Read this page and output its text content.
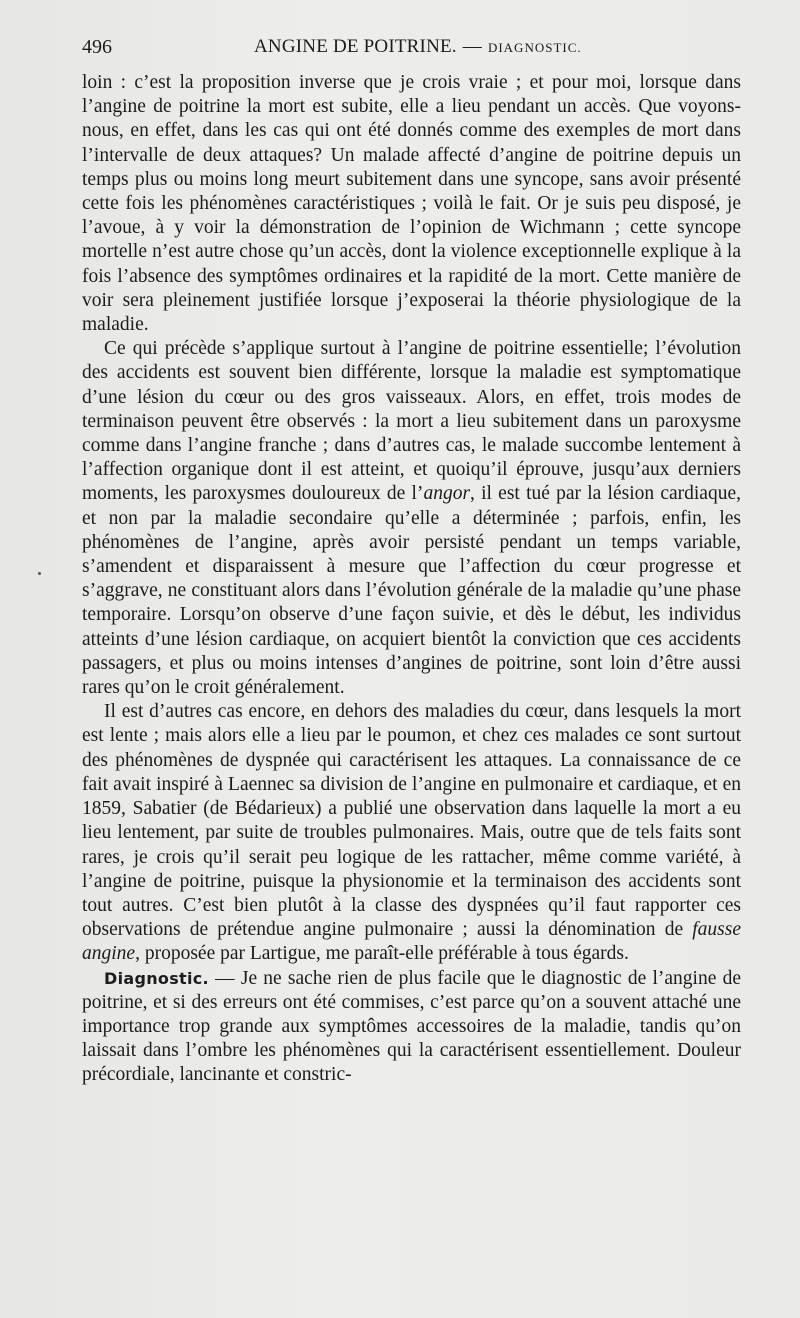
496	ANGINE DE POITRINE. — DIAGNOSTIC.

loin : c’est la proposition inverse que je crois vraie ; et pour moi, lorsque dans l’angine de poitrine la mort est subite, elle a lieu pendant un accès. Que voyons-nous, en effet, dans les cas qui ont été donnés comme des exemples de mort dans l’intervalle de deux attaques? Un malade affecté d’angine de poitrine depuis un temps plus ou moins long meurt subitement dans une syncope, sans avoir présenté cette fois les phénomènes caractéristiques ; voilà le fait. Or je suis peu disposé, je l’avoue, à y voir la démonstration de l’opinion de Wichmann ; cette syncope mortelle n’est autre chose qu’un accès, dont la violence exceptionnelle explique à la fois l’absence des symptômes ordinaires et la rapidité de la mort. Cette manière de voir sera pleinement justifiée lorsque j’exposerai la théorie physiologique de la maladie.

Ce qui précède s’applique surtout à l’angine de poitrine essentielle; l’évolution des accidents est souvent bien différente, lorsque la maladie est symptomatique d’une lésion du cœur ou des gros vaisseaux. Alors, en effet, trois modes de terminaison peuvent être observés : la mort a lieu subitement dans un paroxysme comme dans l’angine franche ; dans d’autres cas, le malade succombe lentement à l’affection organique dont il est atteint, et quoiqu’il éprouve, jusqu’aux derniers moments, les paroxysmes douloureux de l’angor, il est tué par la lésion cardiaque, et non par la maladie secondaire qu’elle a déterminée ; parfois, enfin, les phénomènes de l’angine, après avoir persisté pendant un temps variable, s’amendent et disparaissent à mesure que l’affection du cœur progresse et s’aggrave, ne constituant alors dans l’évolution générale de la maladie qu’une phase temporaire. Lorsqu’on observe d’une façon suivie, et dès le début, les individus atteints d’une lésion cardiaque, on acquiert bientôt la conviction que ces accidents passagers, et plus ou moins intenses d’angines de poitrine, sont loin d’être aussi rares qu’on le croit généralement.

Il est d’autres cas encore, en dehors des maladies du cœur, dans lesquels la mort est lente ; mais alors elle a lieu par le poumon, et chez ces malades ce sont surtout des phénomènes de dyspnée qui caractérisent les attaques. La connaissance de ce fait avait inspiré à Laennec sa division de l’angine en pulmonaire et cardiaque, et en 1859, Sabatier (de Bédarieux) a publié une observation dans laquelle la mort a eu lieu lentement, par suite de troubles pulmonaires. Mais, outre que de tels faits sont rares, je crois qu’il serait peu logique de les rattacher, même comme variété, à l’angine de poitrine, puisque la physionomie et la terminaison des accidents sont tout autres. C’est bien plutôt à la classe des dyspnées qu’il faut rapporter ces observations de prétendue angine pulmonaire ; aussi la dénomination de fausse angine, proposée par Lartigue, me paraît-elle préférable à tous égards.

Diagnostic. — Je ne sache rien de plus facile que le diagnostic de l’angine de poitrine, et si des erreurs ont été commises, c’est parce qu’on a souvent attaché une importance trop grande aux symptômes accessoires de la maladie, tandis qu’on laissait dans l’ombre les phénomènes qui la caractérisent essentiellement. Douleur précordiale, lancinante et constric-
